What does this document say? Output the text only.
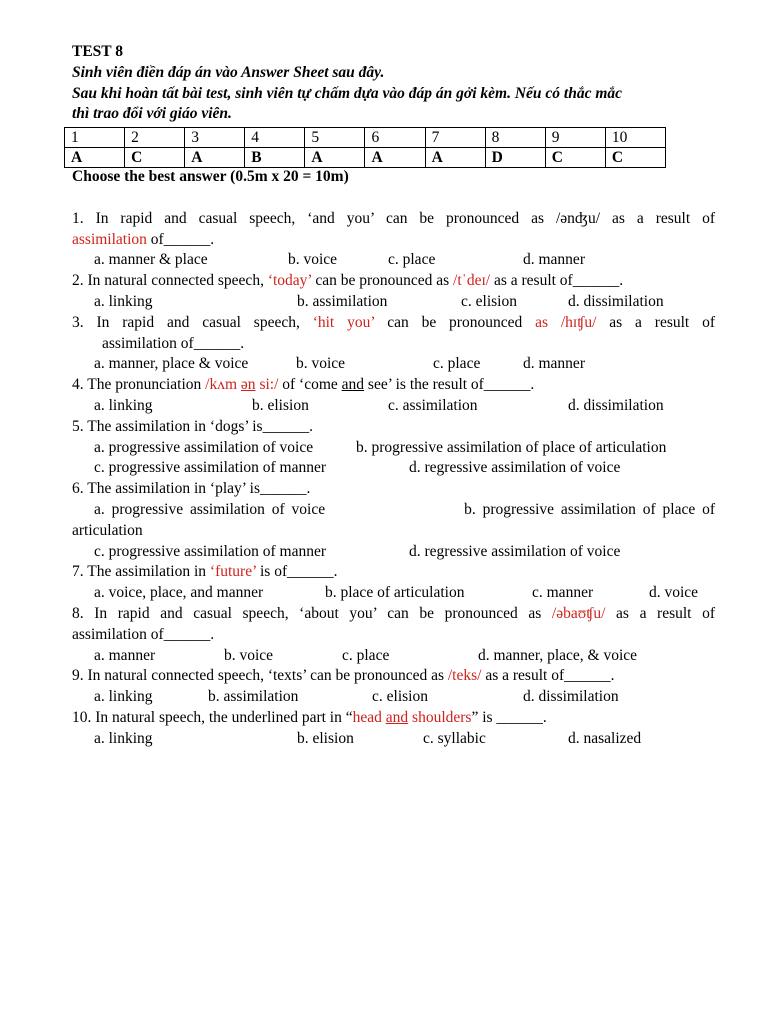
1	2	3	4	5	6	7	8	9	10
A	C	A	B	A	A	A	D	C	C
TEST 8
Sinh viên điền đáp án vào Answer Sheet sau đây.
Sau khi hoàn tất bài test, sinh viên tự chấm dựa vào đáp án gởi kèm. Nếu có thắc mắc
thì trao đổi với giáo viên.
Choose the best answer (0.5m x 20 = 10m)
1. In rapid and casual speech, ‘and you’ can be pronounced as /ənʤu/ as a result of
assimilation of______.
a. manner & place	b. voice	c. place	d. manner
2. In natural connected speech, ‘today’ can be pronounced as /tˈdeɪ/ as a result of______.
a. linking	b. assimilation	c. elision	d. dissimilation
3. In rapid and casual speech, ‘hit you’ can be pronounced as /hɪʧu/ as a result of
assimilation of______.
a. manner, place & voice	b. voice	c. place	d. manner
4. The pronunciation /kʌm ən si:/ of ‘come and see’ is the result of______.
a. linking	b. elision	c. assimilation	d. dissimilation
5. The assimilation in ‘dogs’ is______.
a. progressive assimilation of voice	b. progressive assimilation of place of articulation
c. progressive assimilation of manner	d. regressive assimilation of voice
6. The assimilation in ‘play’ is______.
a. progressive assimilation of voice	b. progressive assimilation of place of
articulation
c. progressive assimilation of manner	d. regressive assimilation of voice
7. The assimilation in ‘future’ is of______.
a. voice, place, and manner	b. place of articulation	c. manner	d. voice
8. In rapid and casual speech, ‘about you’ can be pronounced as /əbaʊʧu/ as a result of
assimilation of______.
a. manner	b. voice	c. place	d. manner, place, & voice
9. In natural connected speech, ‘texts’ can be pronounced as /teks/ as a result of______.
a. linking	b. assimilation	c. elision	d. dissimilation
10. In natural speech, the underlined part in “head and shoulders” is ______.
a. linking	b. elision	c. syllabic	d. nasalized
